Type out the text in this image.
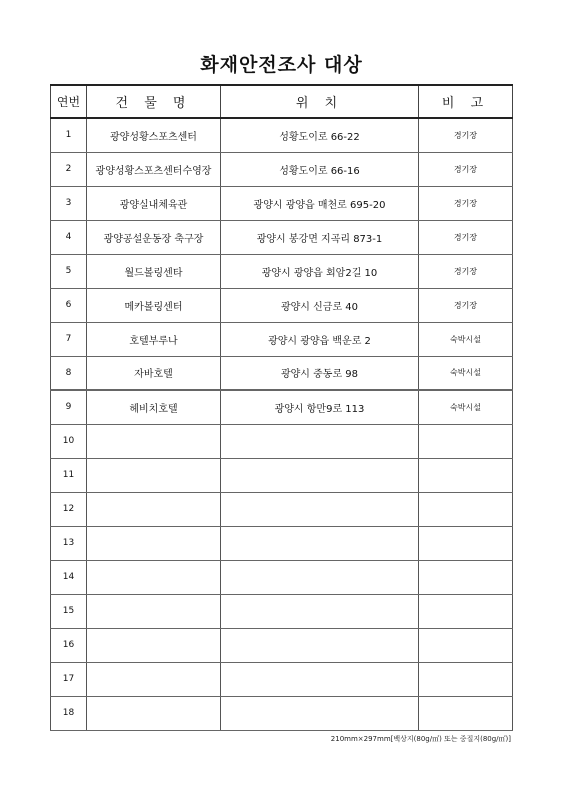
화재안전조사 대상
연번	건 물 명	위 치	비 고
1	광양성황스포츠센터	성황도이로 66-22	경기장
2	광양성황스포츠센터수영장	성황도이로 66-16	경기장
3	광양실내체육관	광양시 광양읍 매천로 695-20	경기장
4	광양공설운동장 축구장	광양시 봉강면 지곡리 873-1	경기장
5	월드볼링센타	광양시 광양읍 회암2길 10	경기장
6	메카볼링센터	광양시 신금로 40	경기장
7	호텔부루나	광양시 광양읍 백운로 2	숙박시설
8	자바호텔	광양시 중동로 98	숙박시설
9	헤비치호텔	광양시 항만9로 113	숙박시설
10			
11			
12			
13			
14			
15			
16			
17			
18			
210mm×297mm[백상지(80g/㎡) 또는 중질지(80g/㎡)]
